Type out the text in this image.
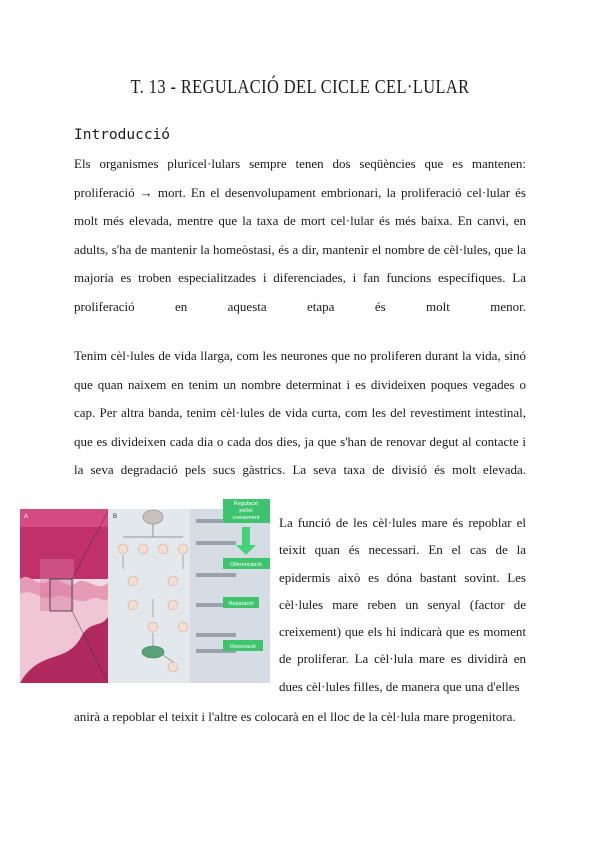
T. 13 - REGULACIÓ DEL CICLE CEL·LULAR
Introducció

Els organismes pluricel·lulars sempre tenen dos seqüències que es mantenen: proliferació → mort. En el desenvolupament embrionari, la proliferació cel·lular és molt més elevada, mentre que la taxa de mort cel·lular és més baixa. En canvi, en adults, s'ha de mantenir la homeòstasi, és a dir, mantenir el nombre de cèl·lules, que la majoria es troben especialitzades i diferenciades, i fan funcions específiques. La proliferació en aquesta etapa és molt menor.

Tenim cèl·lules de vida llarga, com les neurones que no proliferen durant la vida, sinó que quan naixem en tenim un nombre determinat i es divideixen poques vegades o cap. Per altra banda, tenim cèl·lules de vida curta, com les del revestiment intestinal, que es divideixen cada dia o cada dos dies, ja que s'han de renovar degut al contacte i la seva degradació pels sucs gàstrics. La seva taxa de divisió és molt elevada.

A	B
Regulació
pel/el
creixement
Diferenciació
Reparació
Renovació

La funció de les cèl·lules mare és repoblar el teixit quan és necessari. En el cas de la epidermis això es dóna bastant sovint. Les cèl·lules mare reben un senyal (factor de creixement) que els hi indicarà que es moment de proliferar. La cèl·lula mare es dividirà en dues cèl·lules filles, de manera que una d'elles

anirà a repoblar el teixit i l'altre es colocarà en el lloc de la cèl·lula mare progenitora.
